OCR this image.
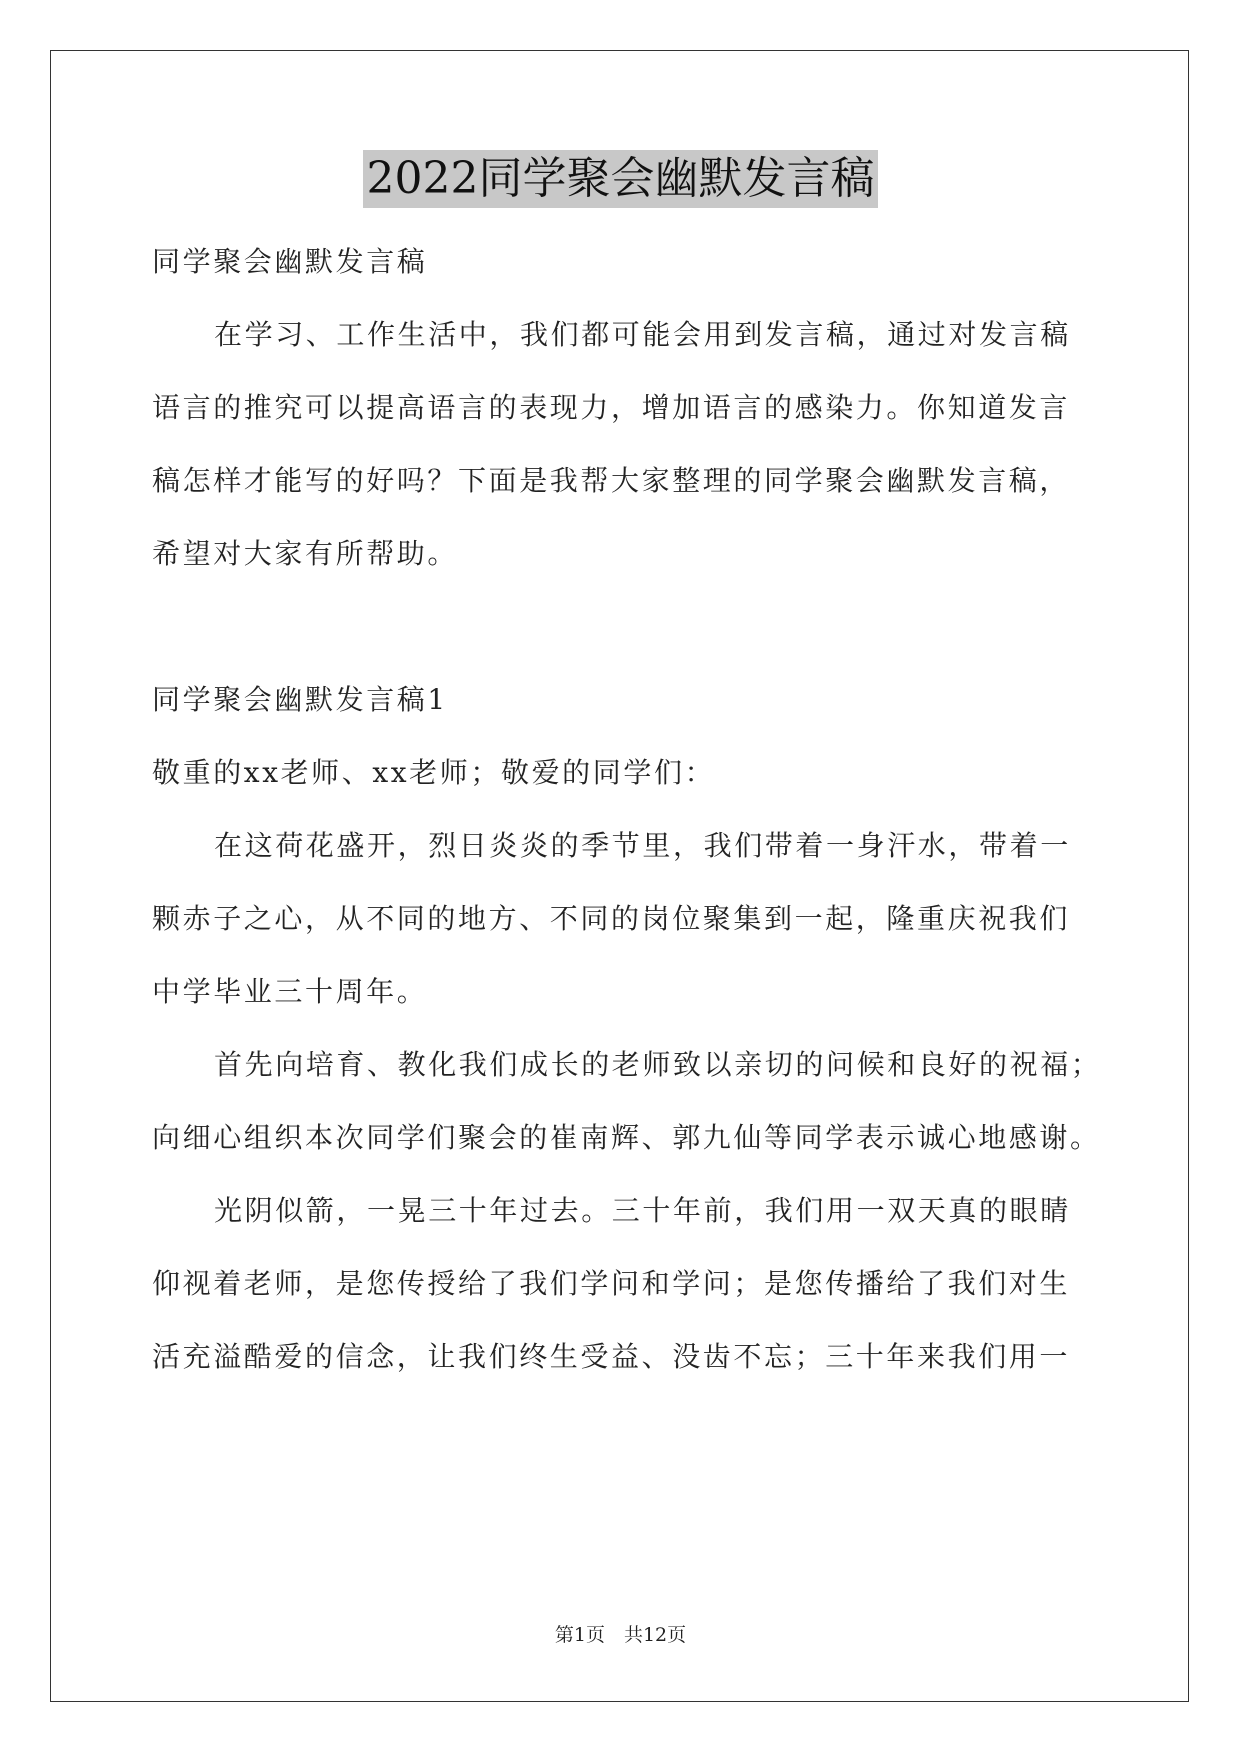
2022同学聚会幽默发言稿
同学聚会幽默发言稿
在学习、工作生活中，我们都可能会用到发言稿，通过对发言稿
语言的推究可以提高语言的表现力，增加语言的感染力。你知道发言
稿怎样才能写的好吗？下面是我帮大家整理的同学聚会幽默发言稿，
希望对大家有所帮助。
同学聚会幽默发言稿1
敬重的xx老师、xx老师；敬爱的同学们：
在这荷花盛开，烈日炎炎的季节里，我们带着一身汗水，带着一
颗赤子之心，从不同的地方、不同的岗位聚集到一起，隆重庆祝我们
中学毕业三十周年。
首先向培育、教化我们成长的老师致以亲切的问候和良好的祝福；
向细心组织本次同学们聚会的崔南辉、郭九仙等同学表示诚心地感谢。
光阴似箭，一晃三十年过去。三十年前，我们用一双天真的眼睛
仰视着老师，是您传授给了我们学问和学问；是您传播给了我们对生
活充溢酷爱的信念，让我们终生受益、没齿不忘；三十年来我们用一
第1页　共12页
